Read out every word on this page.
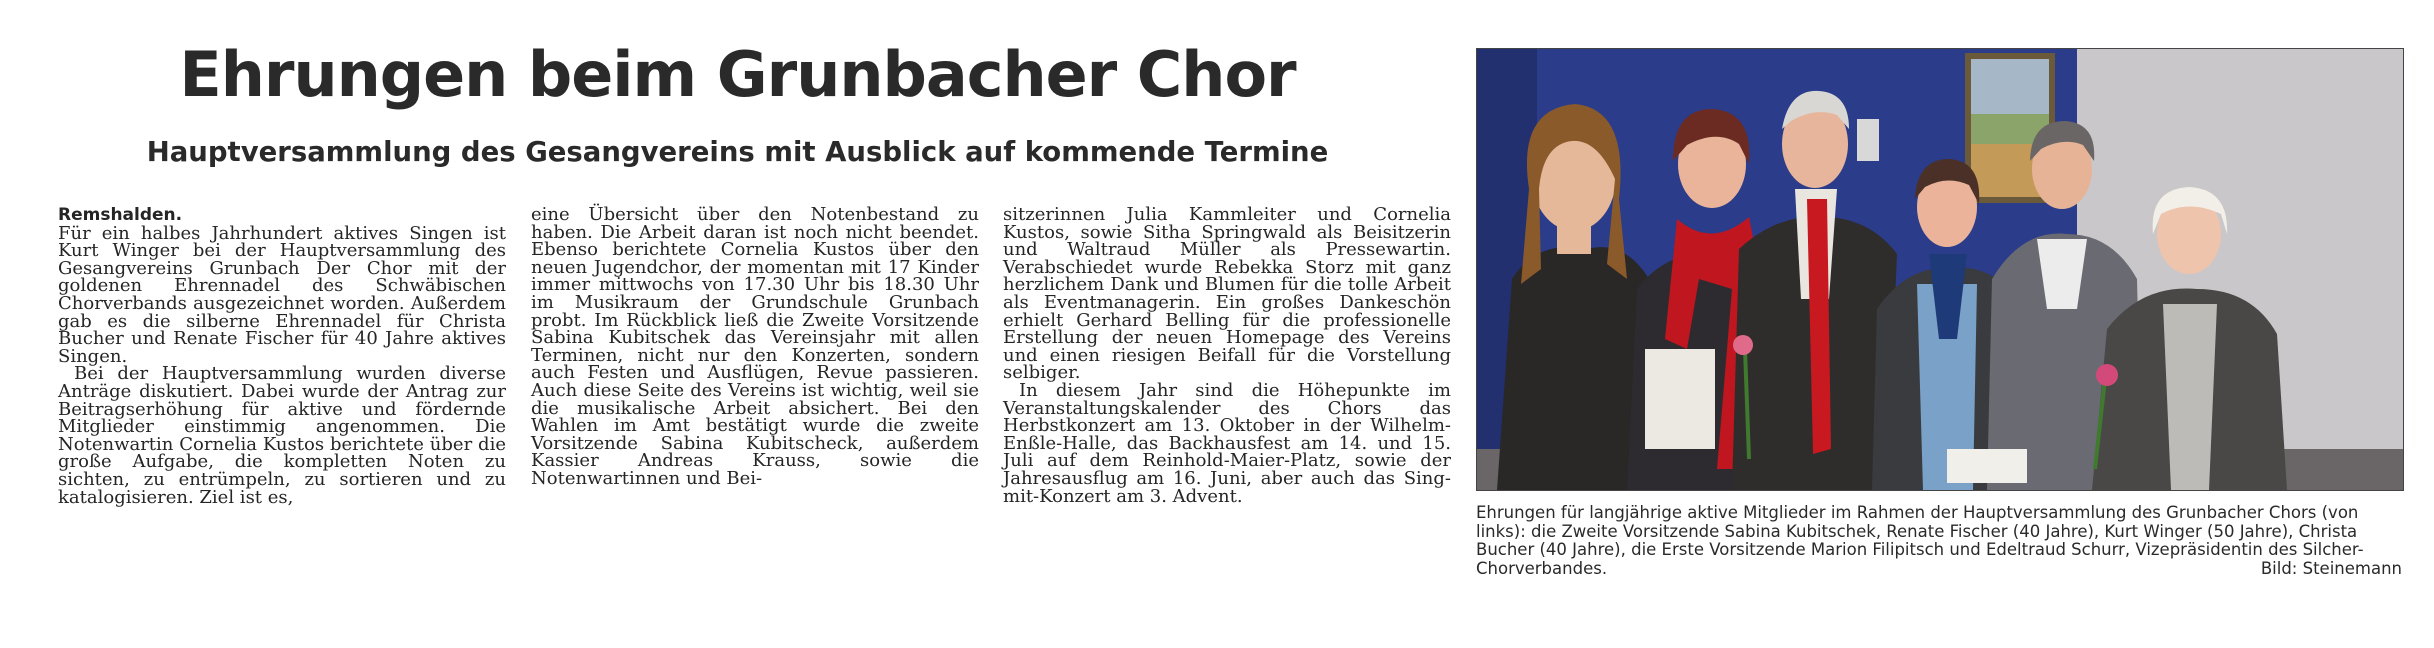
Ehrungen beim Grunbacher Chor
Hauptversammlung des Gesangvereins mit Ausblick auf kommende Termine

Remshalden.
Für ein halbes Jahrhundert aktives Singen ist Kurt Winger bei der Hauptversammlung des Gesangvereins Grunbach Der Chor mit der goldenen Ehrennadel des Schwäbischen Chorverbands ausgezeichnet worden. Außerdem gab es die silberne Ehrennadel für Christa Bucher und Renate Fischer für 40 Jahre aktives Singen.

Bei der Hauptversammlung wurden diverse Anträge diskutiert. Dabei wurde der Antrag zur Beitragserhöhung für aktive und fördernde Mitglieder einstimmig angenommen. Die Notenwartin Cornelia Kustos berichtete über die große Aufgabe, die kompletten Noten zu sichten, zu entrümpeln, zu sortieren und zu katalogisieren. Ziel ist es,

eine Übersicht über den Notenbestand zu haben. Die Arbeit daran ist noch nicht beendet. Ebenso berichtete Cornelia Kustos über den neuen Jugendchor, der momentan mit 17 Kinder immer mittwochs von 17.30 Uhr bis 18.30 Uhr im Musikraum der Grundschule Grunbach probt. Im Rückblick ließ die Zweite Vorsitzende Sabina Kubitschek das Vereinsjahr mit allen Terminen, nicht nur den Konzerten, sondern auch Festen und Ausflügen, Revue passieren. Auch diese Seite des Vereins ist wichtig, weil sie die musikalische Arbeit absichert. Bei den Wahlen im Amt bestätigt wurde die zweite Vorsitzende Sabina Kubitscheck, außerdem Kassier Andreas Krauss, sowie die Notenwartinnen und Bei-

sitzerinnen Julia Kammleiter und Cornelia Kustos, sowie Sitha Springwald als Beisitzerin und Waltraud Müller als Pressewartin. Verabschiedet wurde Rebekka Storz mit ganz herzlichem Dank und Blumen für die tolle Arbeit als Eventmanagerin. Ein großes Dankeschön erhielt Gerhard Belling für die professionelle Erstellung der neuen Homepage des Vereins und einen riesigen Beifall für die Vorstellung selbiger.

In diesem Jahr sind die Höhepunkte im Veranstaltungskalender des Chors das Herbstkonzert am 13. Oktober in der Wilhelm-Enßle-Halle, das Backhausfest am 14. und 15. Juli auf dem Reinhold-Maier-Platz, sowie der Jahresausflug am 16. Juni, aber auch das Sing-mit-Konzert am 3. Advent.

Ehrungen für langjährige aktive Mitglieder im Rahmen der Hauptversammlung des Grunbacher Chors (von links): die Zweite Vorsitzende Sabina Kubitschek, Renate Fischer (40 Jahre), Kurt Winger (50 Jahre), Christa Bucher (40 Jahre), die Erste Vorsitzende Marion Filipitsch und Edeltraud Schurr, Vizepräsidentin des Silcher-Chorverbandes.	Bild: Steinemann
